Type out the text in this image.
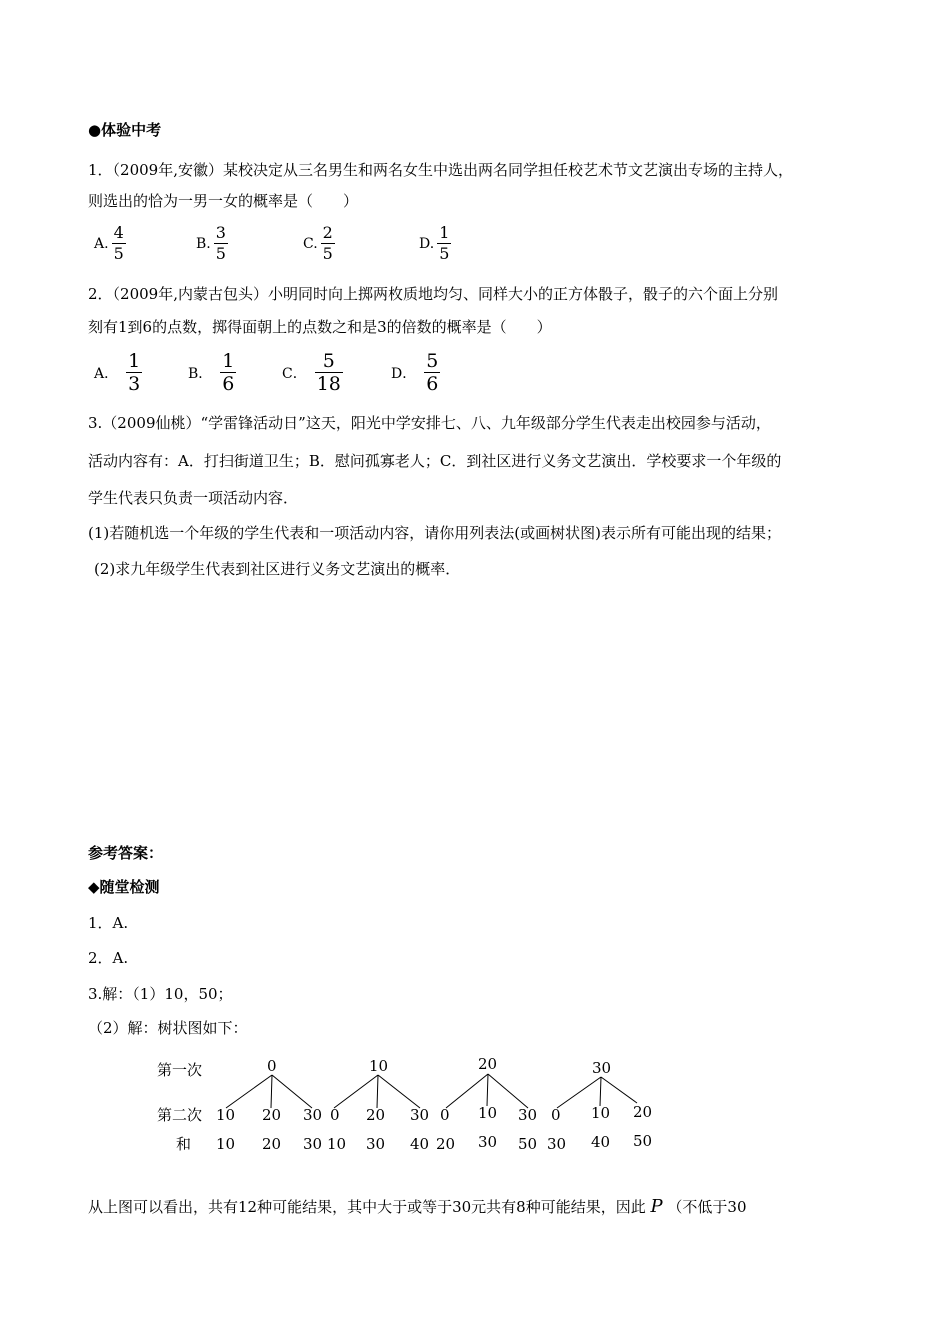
●体验中考
1．（2009年,安徽）某校决定从三名男生和两名女生中选出两名同学担任校艺术节文艺演出专场的主持人，
则选出的恰为一男一女的概率是（　　）
A. $\frac{4}{5}$	B. $\frac{3}{5}$	C. $\frac{2}{5}$	D. $\frac{1}{5}$
2．（2009年,内蒙古包头）小明同时向上掷两枚质地均匀、同样大小的正方体骰子，骰子的六个面上分别
刻有1到6的点数，掷得面朝上的点数之和是3的倍数的概率是（　　）
A． $\frac{1}{3}$	B． $\frac{1}{6}$	C． $\frac{5}{18}$	D． $\frac{5}{6}$
3.（2009仙桃）“学雷锋活动日”这天，阳光中学安排七、八、九年级部分学生代表走出校园参与活动，
活动内容有：A．打扫街道卫生；B．慰问孤寡老人；C．到社区进行义务文艺演出．学校要求一个年级的
学生代表只负责一项活动内容．
(1)若随机选一个年级的学生代表和一项活动内容，请你用列表法(或画树状图)表示所有可能出现的结果；
(2)求九年级学生代表到社区进行义务文艺演出的概率．
参考答案：
◆随堂检测
1．A.
2．A.
3.解：（1）10，50；
（2）解：树状图如下：
第一次
第二次
和
0
10 20 30
10 20 30
10
0 20 30
10 30 40
20
0 10 30
20 30 50
30
0 10 20
30 40 50
从上图可以看出，共有12种可能结果，其中大于或等于30元共有8种可能结果，因此 P （不低于30
